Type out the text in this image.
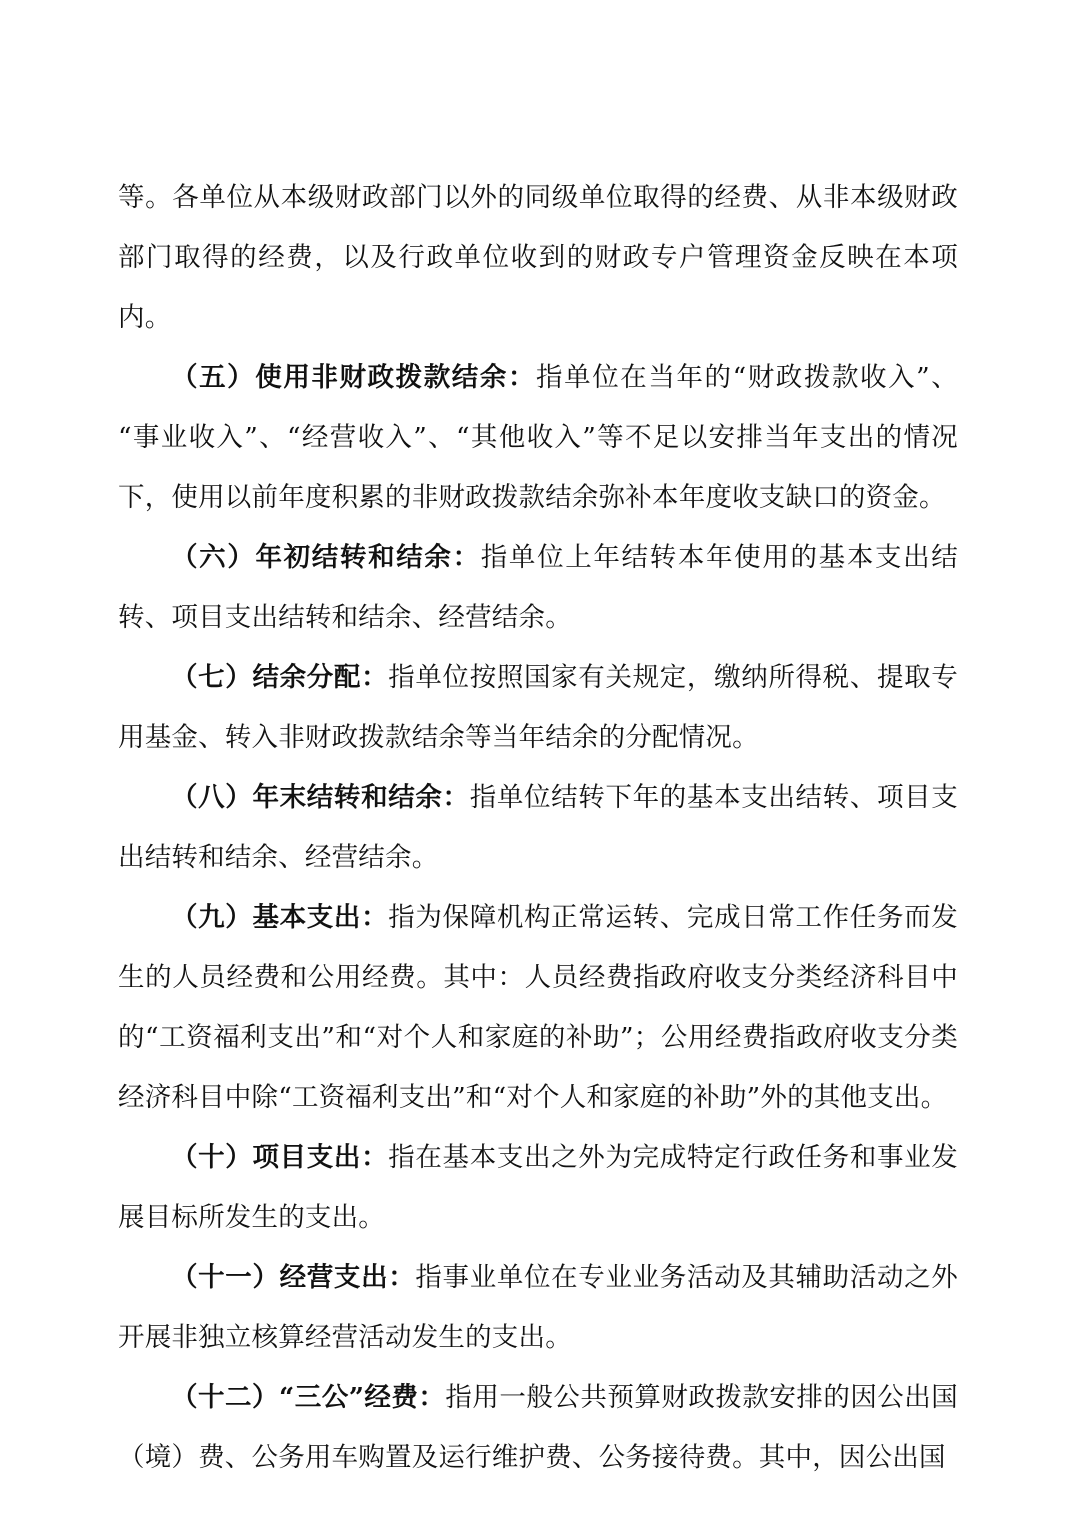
等。各单位从本级财政部门以外的同级单位取得的经费、从非本级财政部门取得的经费，以及行政单位收到的财政专户管理资金反映在本项内。

（五）使用非财政拨款结余：指单位在当年的“财政拨款收入”、“事业收入”、“经营收入”、“其他收入”等不足以安排当年支出的情况下，使用以前年度积累的非财政拨款结余弥补本年度收支缺口的资金。

（六）年初结转和结余：指单位上年结转本年使用的基本支出结转、项目支出结转和结余、经营结余。

（七）结余分配：指单位按照国家有关规定，缴纳所得税、提取专用基金、转入非财政拨款结余等当年结余的分配情况。

（八）年末结转和结余：指单位结转下年的基本支出结转、项目支出结转和结余、经营结余。

（九）基本支出：指为保障机构正常运转、完成日常工作任务而发生的人员经费和公用经费。其中：人员经费指政府收支分类经济科目中的“工资福利支出”和“对个人和家庭的补助”；公用经费指政府收支分类经济科目中除“工资福利支出”和“对个人和家庭的补助”外的其他支出。

（十）项目支出：指在基本支出之外为完成特定行政任务和事业发展目标所发生的支出。

（十一）经营支出：指事业单位在专业业务活动及其辅助活动之外开展非独立核算经营活动发生的支出。

（十二）“三公”经费：指用一般公共预算财政拨款安排的因公出国（境）费、公务用车购置及运行维护费、公务接待费。其中，因公出国
